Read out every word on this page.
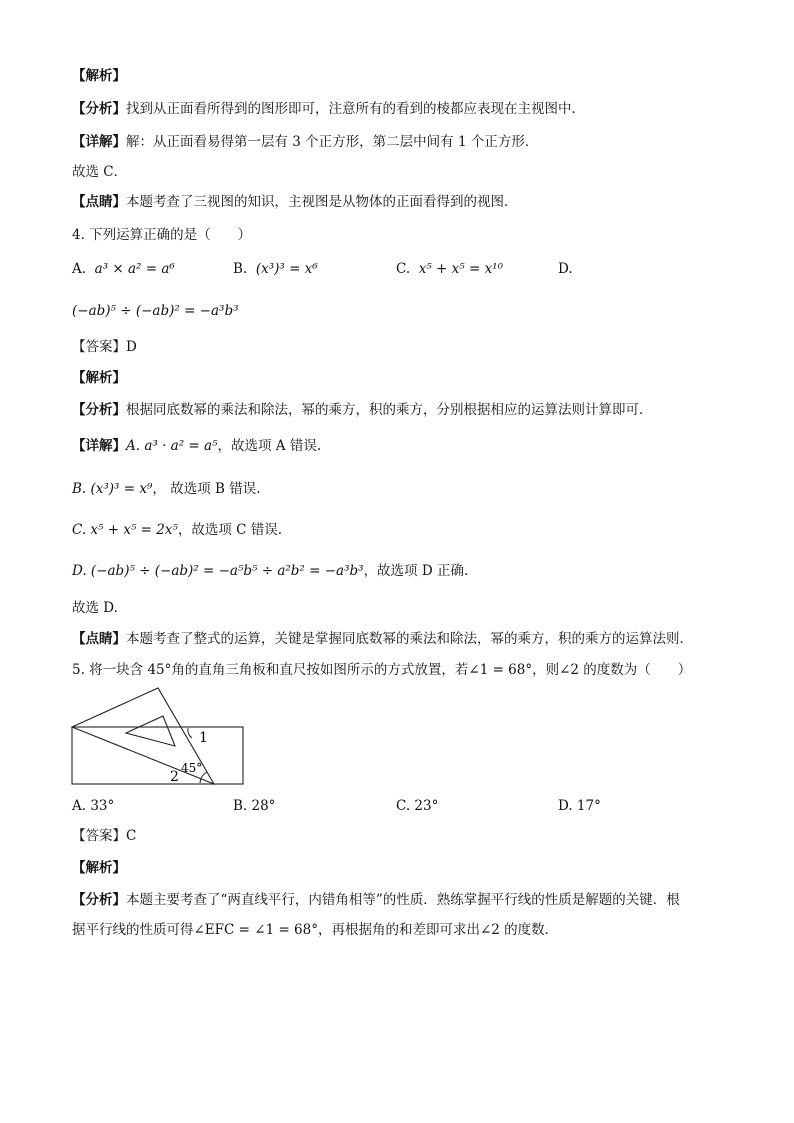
【解析】
【分析】找到从正面看所得到的图形即可，注意所有的看到的棱都应表现在主视图中．
【详解】解：从正面看易得第一层有 3 个正方形，第二层中间有 1 个正方形．
故选 C．
【点睛】本题考查了三视图的知识，主视图是从物体的正面看得到的视图．
4. 下列运算正确的是（　　）
A. a³ × a² = a⁶	B. (x³)³ = x⁶	C. x⁵ + x⁵ = x¹⁰	D.
(−ab)⁵ ÷ (−ab)² = −a³b³
【答案】D
【解析】
【分析】根据同底数幂的乘法和除法，幂的乘方，积的乘方，分别根据相应的运算法则计算即可．
【详解】A. a³ · a² = a⁵，故选项 A 错误.
B. (x³)³ = x⁹， 故选项 B 错误.
C. x⁵ + x⁵ = 2x⁵，故选项 C 错误.
D. (−ab)⁵ ÷ (−ab)² = −a⁵b⁵ ÷ a²b² = −a³b³，故选项 D 正确.
故选 D.
【点睛】本题考查了整式的运算，关键是掌握同底数幂的乘法和除法，幂的乘方，积的乘方的运算法则．
5. 将一块含 45°角的直角三角板和直尺按如图所示的方式放置，若∠1 = 68°，则∠2 的度数为（　　）
1
2
45°
A. 33°	B. 28°	C. 23°	D. 17°
【答案】C
【解析】
【分析】本题主要考查了“两直线平行，内错角相等”的性质．熟练掌握平行线的性质是解题的关键．根
据平行线的性质可得∠EFC = ∠1 = 68°，再根据角的和差即可求出∠2 的度数．
